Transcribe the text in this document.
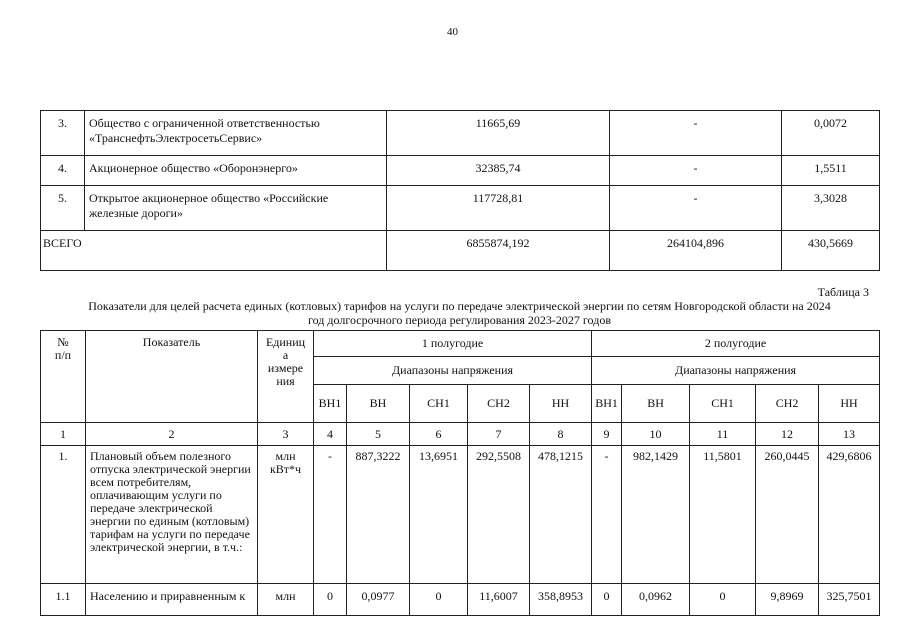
40
3.	Общество с ограниченной ответственностью
«ТранснефтьЭлектросетьСервис»	11665,69	-	0,0072
4.	Акционерное общество «Оборонэнерго»	32385,74	-	1,5511
5.	Открытое акционерное общество «Российские
железные дороги»	117728,81	-	3,3028
ВСЕГО		6855874,192	264104,896	430,5669
Таблица 3
Показатели для целей расчета единых (котловых) тарифов на услуги по передаче электрической энергии по сетям Новгородской области на 2024
год долгосрочного периода регулирования 2023-2027 годов
№
п/п	Показатель	Единиц
а
измере
ния	1 полугодие					2 полугодие				
			Диапазоны напряжения					Диапазоны напряжения				
			ВН1	ВН	СН1	СН2	НН	ВН1	ВН	СН1	СН2	НН
1	2	3	4	5	6	7	8	9	10	11	12	13
1.	Плановый объем полезного отпуска электрической энергии всем потребителям, оплачивающим услуги по передаче электрической энергии по единым (котловым) тарифам на услуги по передаче электрической энергии, в т.ч.:	млн
кВт*ч	-	887,3222	13,6951	292,5508	478,1215	-	982,1429	11,5801	260,0445	429,6806
1.1	Населению и приравненным к	млн	0	0,0977	0	11,6007	358,8953	0	0,0962	0	9,8969	325,7501
